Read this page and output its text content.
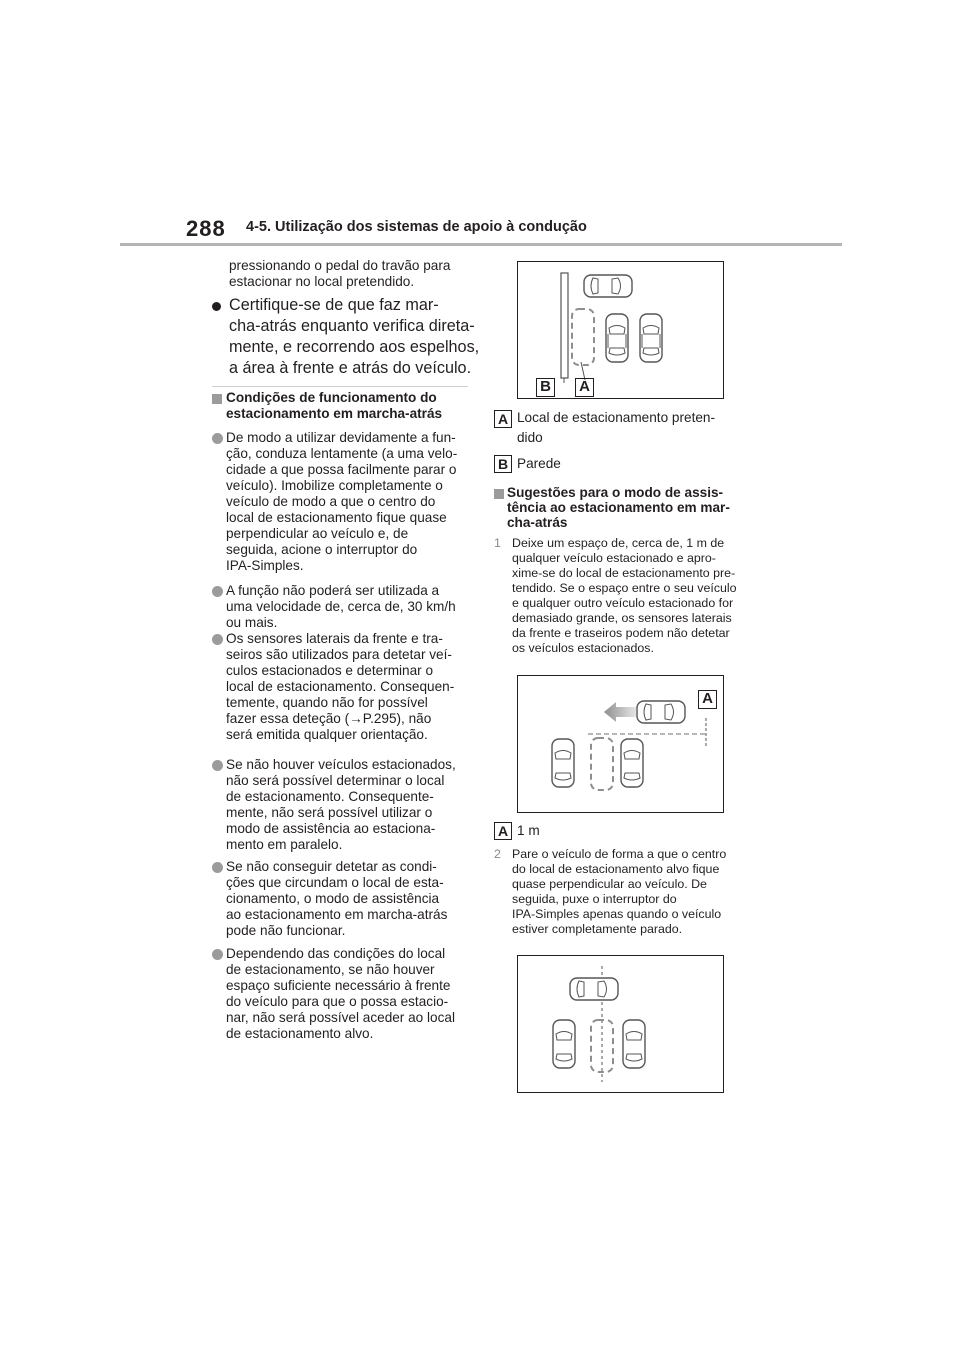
288 4-5. Utilização dos sistemas de apoio à condução
pressionando o pedal do travão para
estacionar no local pretendido.
Certifique-se de que faz mar-
cha-atrás enquanto verifica direta-
mente, e recorrendo aos espelhos,
a área à frente e atrás do veículo.
Condições de funcionamento do
estacionamento em marcha-atrás
De modo a utilizar devidamente a fun-
ção, conduza lentamente (a uma velo-
cidade a que possa facilmente parar o
veículo). Imobilize completamente o
veículo de modo a que o centro do
local de estacionamento fique quase
perpendicular ao veículo e, de
seguida, acione o interruptor do
IPA-Simples.
A função não poderá ser utilizada a
uma velocidade de, cerca de, 30 km/h
ou mais.
Os sensores laterais da frente e tra-
seiros são utilizados para detetar veí-
culos estacionados e determinar o
local de estacionamento. Consequen-
temente, quando não for possível
fazer essa deteção (→P.295), não
será emitida qualquer orientação.
Se não houver veículos estacionados,
não será possível determinar o local
de estacionamento. Consequente-
mente, não será possível utilizar o
modo de assistência ao estaciona-
mento em paralelo.
Se não conseguir detetar as condi-
ções que circundam o local de esta-
cionamento, o modo de assistência
ao estacionamento em marcha-atrás
pode não funcionar.
Dependendo das condições do local
de estacionamento, se não houver
espaço suficiente necessário à frente
do veículo para que o possa estacio-
nar, não será possível aceder ao local
de estacionamento alvo.
B A
A Local de estacionamento preten-
dido
B Parede
Sugestões para o modo de assis-
tência ao estacionamento em mar-
cha-atrás
1 Deixe um espaço de, cerca de, 1 m de
qualquer veículo estacionado e apro-
xime-se do local de estacionamento pre-
tendido. Se o espaço entre o seu veículo
e qualquer outro veículo estacionado for
demasiado grande, os sensores laterais
da frente e traseiros podem não detetar
os veículos estacionados.
A
A 1 m
2 Pare o veículo de forma a que o centro
do local de estacionamento alvo fique
quase perpendicular ao veículo. De
seguida, puxe o interruptor do
IPA-Simples apenas quando o veículo
estiver completamente parado.
